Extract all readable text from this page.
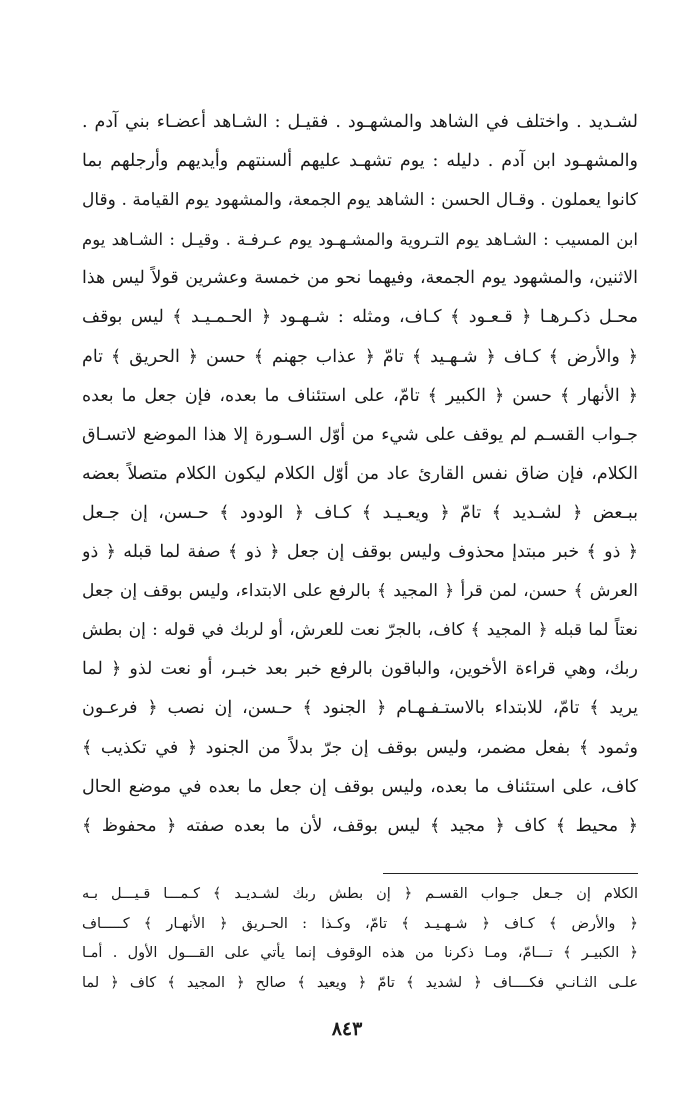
لشـديد . واختلف في الشاهد والمشهـود . فقيـل : الشـاهد أعضـاء بني آدم .
والمشهـود ابن آدم . دليله : يوم تشهـد عليهم ألسنتهم وأيديهم وأرجلهم بما
كانوا يعملون . وقـال الحسن : الشاهد يوم الجمعة، والمشهود يوم القيامة . وقال
ابن المسيب : الشـاهد يوم التـروية والمشـهـود يوم عـرفـة . وقيـل : الشـاهد يوم
الاثنين، والمشهود يوم الجمعة، وفيهما نحو من خمسة وعشرين قولاً ليس هذا
محـل ذكـرهـا ﴿ قـعـود ﴾ كـاف، ومثله : شـهـود ﴿ الحـمـيـد ﴾ ليس بوقف
﴿ والأرض ﴾ كـاف ﴿ شـهـيد ﴾ تامّ ﴿ عذاب جهنم ﴾ حسن ﴿ الحريق ﴾ تام
﴿ الأنهار ﴾ حسن ﴿ الكبير ﴾ تامّ، على استئناف ما بعده، فإن جعل ما بعده
جـواب القسـم لم يوقف على شيء من أوّل السـورة إلا هذا الموضع لاتسـاق
الكلام، فإن ضاق نفس القارئ عاد من أوّل الكلام ليكون الكلام متصلاً بعضه
ببـعض ﴿ لشـديد ﴾ تامّ ﴿ ويعـيـد ﴾ كـاف ﴿ الودود ﴾ حـسن، إن جـعل
﴿ ذو ﴾ خبر مبتدإ محذوف وليس بوقف إن جعل ﴿ ذو ﴾ صفة لما قبله ﴿ ذو
العرش ﴾ حسن، لمن قرأ ﴿ المجيد ﴾ بالرفع على الابتداء، وليس بوقف إن جعل
نعتاً لما قبله ﴿ المجيد ﴾ كاف، بالجرّ نعت للعرش، أو لربك في قوله : إن بطش
ربك، وهي قراءة الأخوين، والباقون بالرفع خبر بعد خبـر، أو نعت لذو ﴿ لما
يريد ﴾ تامّ، للابتداء بالاستـفـهـام ﴿ الجنود ﴾ حـسن، إن نصب ﴿ فرعـون
وثمود ﴾ بفعل مضمر، وليس بوقف إن جرّ بدلاً من الجنود ﴿ في تكذيب ﴾
كاف، على استئناف ما بعده، وليس بوقف إن جعل ما بعده في موضع الحال
﴿ محيط ﴾ كاف ﴿ مجيد ﴾ ليس بوقف، لأن ما بعده صفته ﴿ محفوظ ﴾
الكلام إن جـعل جـواب القسـم ﴿ إن بطش ربك لشـديـد ﴾ كـمـــا قـيـــل بـه
﴿ والأرض ﴾ كـاف ﴿ شـهـيـد ﴾ تامّ، وكـذا : الحـريق ﴿ الأنهـار ﴾ كـــــاف
﴿ الكبيـر ﴾ تـــامّ، ومـا ذكرنا من هذه الوقوف إنما يأتي على القـــول الأول . أمـا
علـى الثـانـي فكــــاف ﴿ لشديد ﴾ تامّ ﴿ ويعيد ﴾ صالح ﴿ المجيد ﴾ كاف ﴿ لما
٨٤٣
